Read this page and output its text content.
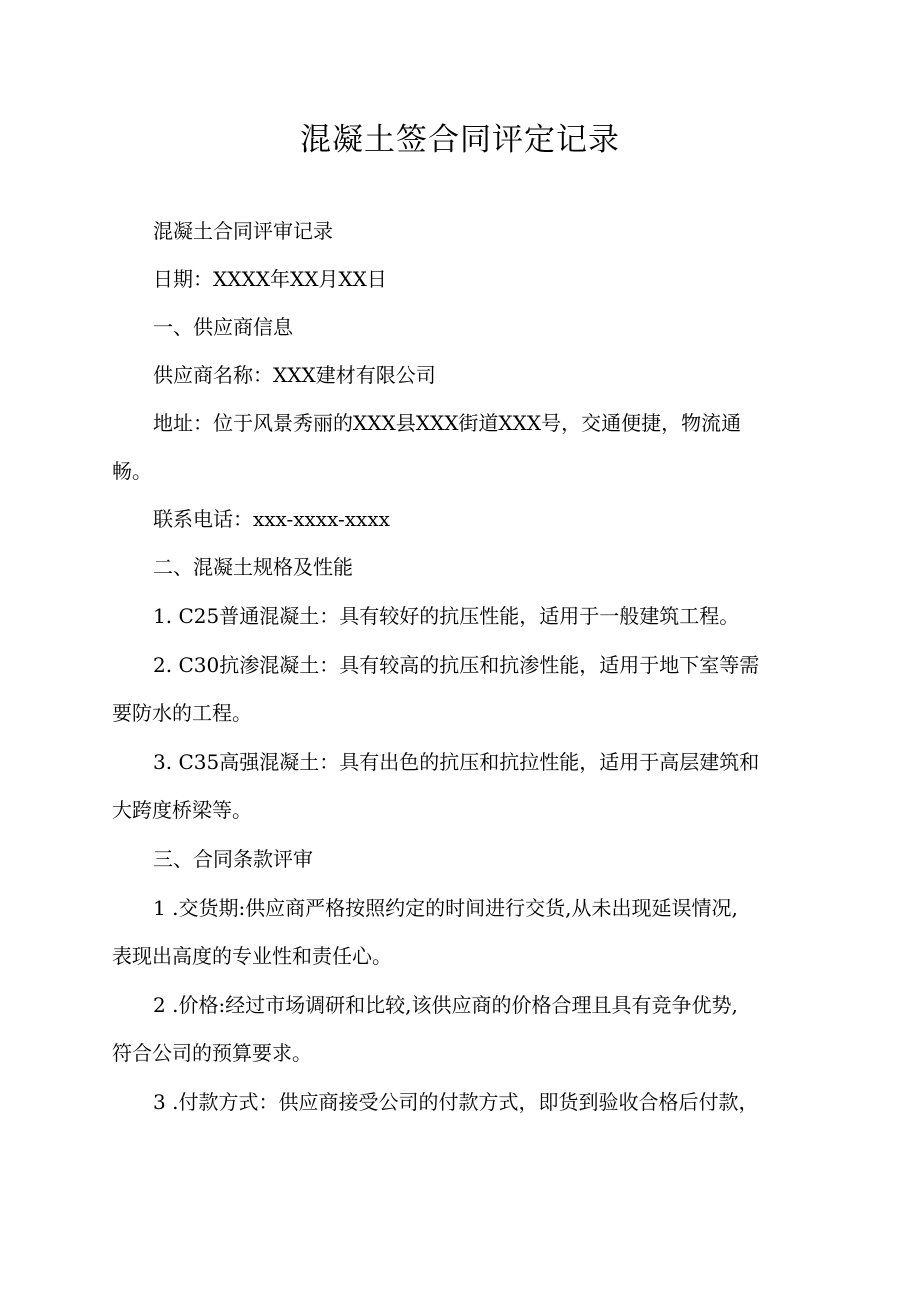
混凝土签合同评定记录
混凝土合同评审记录
日期：XXXX年XX月XX日
一、供应商信息
供应商名称：XXX建材有限公司
地址：位于风景秀丽的XXX县XXX街道XXX号，交通便捷，物流通
畅。
联系电话：xxx-xxxx-xxxx
二、混凝土规格及性能
1. C25普通混凝土：具有较好的抗压性能，适用于一般建筑工程。
2. C30抗渗混凝土：具有较高的抗压和抗渗性能，适用于地下室等需
要防水的工程。
3. C35高强混凝土：具有出色的抗压和抗拉性能，适用于高层建筑和
大跨度桥梁等。
三、合同条款评审
1 .交货期:供应商严格按照约定的时间进行交货,从未出现延误情况,
表现出高度的专业性和责任心。
2 .价格:经过市场调研和比较,该供应商的价格合理且具有竞争优势,
符合公司的预算要求。
3 .付款方式：供应商接受公司的付款方式，即货到验收合格后付款，
